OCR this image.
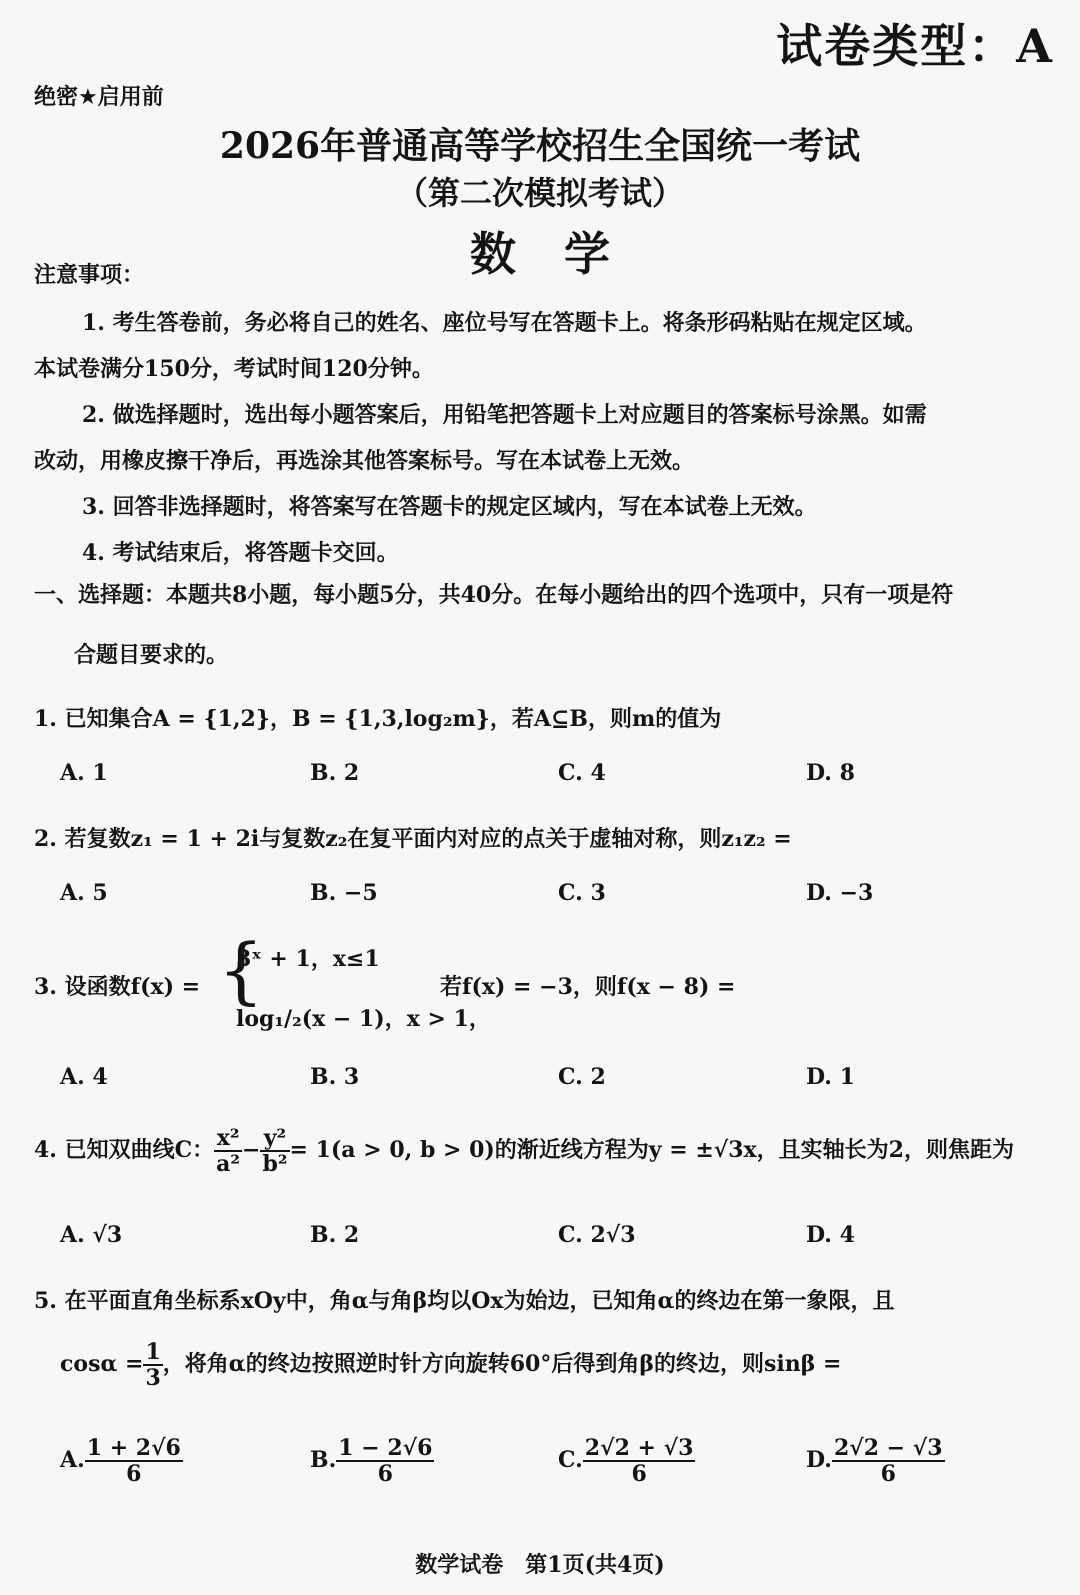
试卷类型：A
绝密★启用前
2026年普通高等学校招生全国统一考试
（第二次模拟考试）
数学
注意事项：
1. 考生答卷前，务必将自己的姓名、座位号写在答题卡上。将条形码粘贴在规定区域。
本试卷满分150分，考试时间120分钟。
2. 做选择题时，选出每小题答案后，用铅笔把答题卡上对应题目的答案标号涂黑。如需
改动，用橡皮擦干净后，再选涂其他答案标号。写在本试卷上无效。
3. 回答非选择题时，将答案写在答题卡的规定区域内，写在本试卷上无效。
4. 考试结束后，将答题卡交回。
一、选择题：本题共8小题，每小题5分，共40分。在每小题给出的四个选项中，只有一项是符
合题目要求的。
1. 已知集合A = {1,2}，B = {1,3,log₂m}，若A⊆B，则m的值为
A. 1	B. 2	C. 4	D. 8
2. 若复数z₁ = 1 + 2i与复数z₂在复平面内对应的点关于虚轴对称，则z₁z₂ =
A. 5	B. −5	C. 3	D. −3
3. 设函数f(x) = {
3ˣ + 1，x≤1
log₁/₂(x − 1)，x > 1，
若f(x) = −3，则f(x − 8) =
A. 4	B. 3	C. 2	D. 1
4. 已知双曲线C： $\frac{\text{x²}}{\text{a²}} - \frac{\text{y²}}{\text{b²}} = 1(a > 0$, b > 0)的渐近线方程为y = ±√3x，且实轴长为2，则焦距为
A. √3	B. 2	C. 2√3	D. 4
5. 在平面直角坐标系xOy中，角α与角β均以Ox为始边，已知角α的终边在第一象限，且
$\cos\alpha = \frac{1}{3}$ ，将角α的终边按照逆时针方向旋转60°后得到角β的终边，则sinβ =
A. $\frac{1 + 2√6}{6}$	B. $\frac{1 - 2√6}{6}$	C. $\frac{2√2 + √3}{6}$	D. $\frac{2√2 - √3}{6}$
数学试卷　第1页(共4页)
